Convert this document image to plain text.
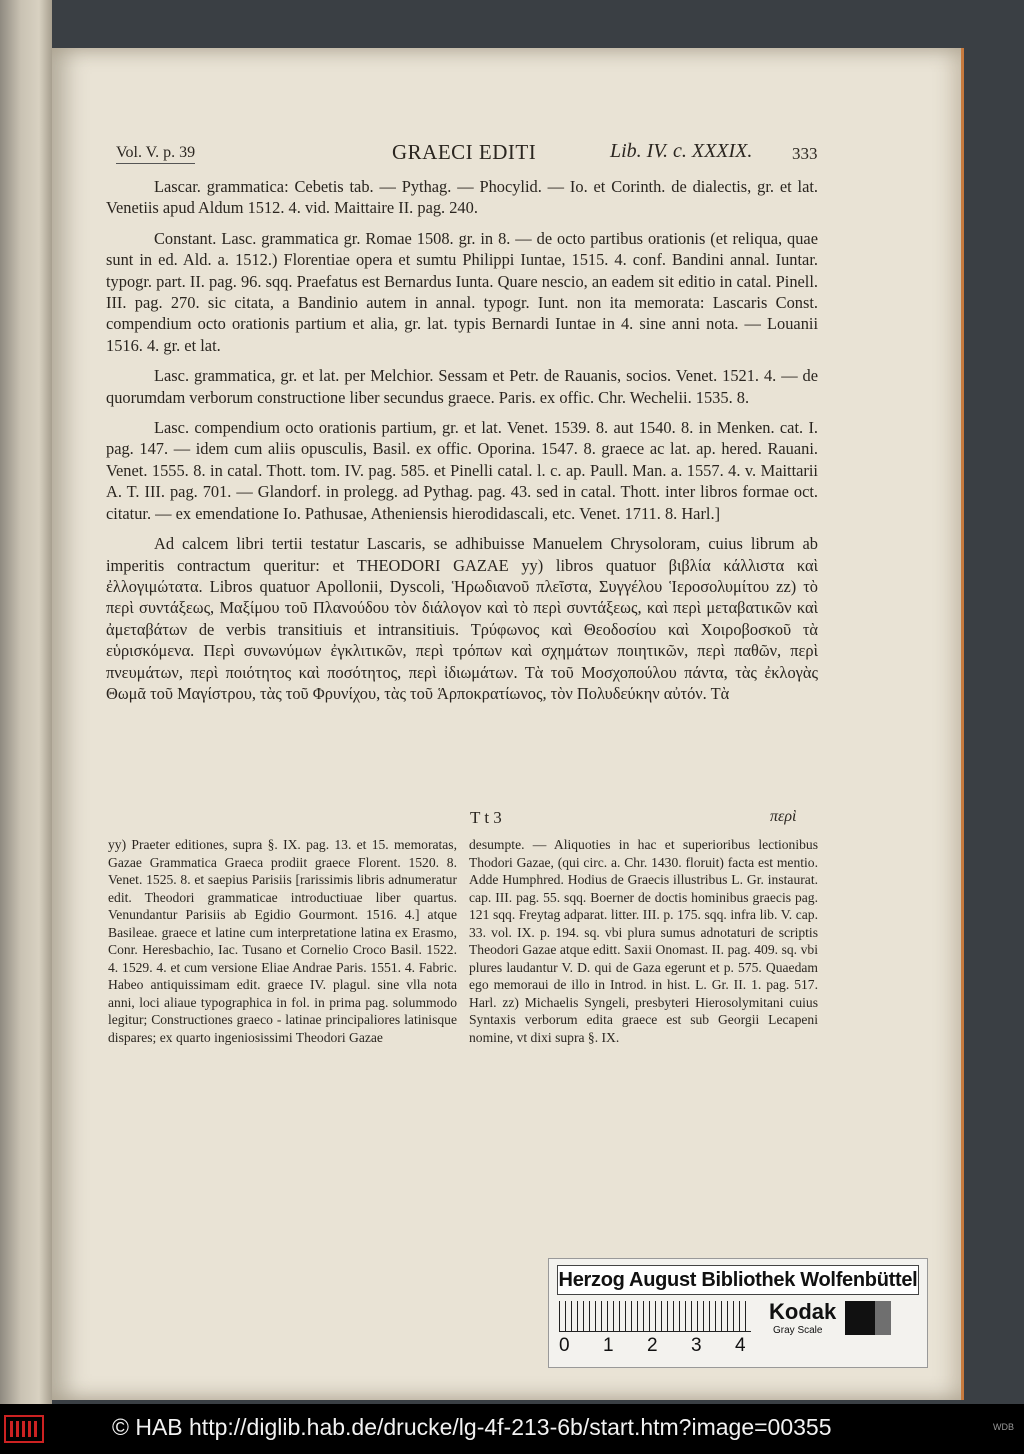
Vol. V. p. 39	GRAECI EDITI	Lib. IV. c. XXXIX. 333

Lascar. grammatica: Cebetis tab. — Pythag. — Phocylid. — Io. et Corinth. de dialectis, gr. et lat. Venetiis apud Aldum 1512. 4. vid. Maittaire II. pag. 240.

Constant. Lasc. grammatica gr. Romae 1508. gr. in 8. — de octo partibus orationis (et reliqua, quae sunt in ed. Ald. a. 1512.) Florentiae opera et sumtu Philippi Iuntae, 1515. 4. conf. Bandini annal. Iuntar. typogr. part. II. pag. 96. sqq. Praefatus est Bernardus Iunta. Quare nescio, an eadem sit editio in catal. Pinell. III. pag. 270. sic citata, a Bandinio autem in annal. typogr. Iunt. non ita memorata: Lascaris Const. compendium octo orationis partium et alia, gr. lat. typis Bernardi Iuntae in 4. sine anni nota. — Louanii 1516. 4. gr. et lat.

Lasc. grammatica, gr. et lat. per Melchior. Sessam et Petr. de Rauanis, socios. Venet. 1521. 4. — de quorumdam verborum constructione liber secundus graece. Paris. ex offic. Chr. Wechelii. 1535. 8.

Lasc. compendium octo orationis partium, gr. et lat. Venet. 1539. 8. aut 1540. 8. in Menken. cat. I. pag. 147. — idem cum aliis opusculis, Basil. ex offic. Oporina. 1547. 8. graece ac lat. ap. hered. Rauani. Venet. 1555. 8. in catal. Thott. tom. IV. pag. 585. et Pinelli catal. l. c. ap. Paull. Man. a. 1557. 4. v. Maittarii A. T. III. pag. 701. — Glandorf. in prolegg. ad Pythag. pag. 43. sed in catal. Thott. inter libros formae oct. citatur. — ex emendatione Io. Pathusae, Atheniensis hierodidascali, etc. Venet. 1711. 8. Harl.]

Ad calcem libri tertii testatur Lascaris, se adhibuisse Manuelem Chrysoloram, cuius librum ab imperitis contractum queritur: et THEODORI GAZAE yy) libros quatuor βιβλία κάλλιστα καὶ ἐλλογιμώτατα. Libros quatuor Apollonii, Dyscoli, Ἡρωδιανοῦ πλεῖστα, Συγγέλου Ἱεροσολυμίτου zz) τὸ περὶ συντάξεως, Μαξίμου τοῦ Πλανούδου τὸν διάλογον καὶ τὸ περὶ συντάξεως, καὶ περὶ μεταβατικῶν καὶ ἀμεταβάτων de verbis transitiuis et intransitiuis. Τρύφωνος καὶ Θεοδοσίου καὶ Χοιροβοσκοῦ τὰ εὑρισκόμενα. Περὶ συνωνύμων ἐγκλιτικῶν, περὶ τρόπων καὶ σχημάτων ποιητικῶν, περὶ παθῶν, περὶ πνευμάτων, περὶ ποιότητος καὶ ποσότητος, περὶ ἰδιωμάτων. Τὰ τοῦ Μοσχοπούλου πάντα, τὰς ἐκλογὰς Θωμᾶ τοῦ Μαγίστρου, τὰς τοῦ Φρυνίχου, τὰς τοῦ Ἁρποκρατίωνος, τὸν Πολυδεύκην αὐτόν. Τὰ

T t 3	περὶ

yy) Praeter editiones, supra §. IX. pag. 13. et 15. memoratas, Gazae Grammatica Graeca prodiit graece Florent. 1520. 8. Venet. 1525. 8. et saepius Parisiis [rarissimis libris adnumeratur edit. Theodori grammaticae introductiuae liber quartus. Venundantur Parisiis ab Egidio Gourmont. 1516. 4.] atque Basileae. graece et latine cum interpretatione latina ex Erasmo, Conr. Heresbachio, Iac. Tusano et Cornelio Croco Basil. 1522. 4. 1529. 4. et cum versione Eliae Andrae Paris. 1551. 4. Fabric. Habeo antiquissimam edit. graece IV. plagul. sine vlla nota anni, loci aliaue typographica in fol. in prima pag. solummodo legitur; Constructiones graeco - latinae principaliores latinisque dispares; ex quarto ingeniosissimi Theodori Gazae

desumpte. — Aliquoties in hac et superioribus lectionibus Thodori Gazae, (qui circ. a. Chr. 1430. floruit) facta est mentio. Adde Humphred. Hodius de Graecis illustribus L. Gr. instaurat. cap. III. pag. 55. sqq. Boerner de doctis hominibus graecis pag. 121 sqq. Freytag adparat. litter. III. p. 175. sqq. infra lib. V. cap. 33. vol. IX. p. 194. sq. vbi plura sumus adnotaturi de scriptis Theodori Gazae atque editt. Saxii Onomast. II. pag. 409. sq. vbi plures laudantur V. D. qui de Gaza egerunt et p. 575. Quaedam ego memoraui de illo in Introd. in hist. L. Gr. II. 1. pag. 517. Harl. zz) Michaelis Syngeli, presbyteri Hierosolymitani cuius Syntaxis verborum edita graece est sub Georgii Lecapeni nomine, vt dixi supra §. IX.

Herzog August Bibliothek Wolfenbüttel
0 1 2 3 4
Kodak
Gray Scale
© HAB http://diglib.hab.de/drucke/lg-4f-213-6b/start.htm?image=00355	WDB
